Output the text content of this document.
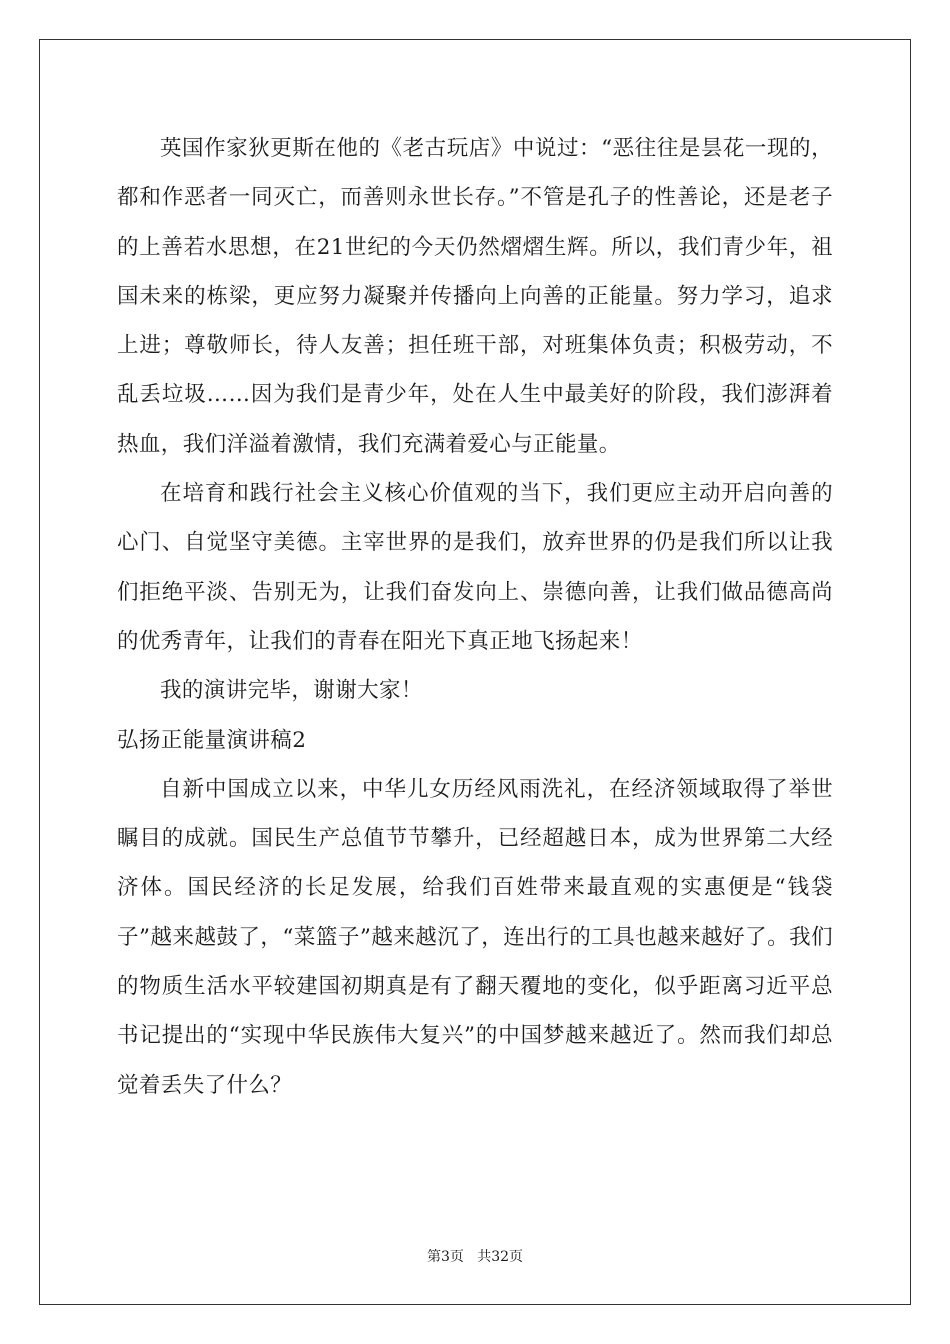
英国作家狄更斯在他的《老古玩店》中说过：“恶往往是昙花一现的，都和作恶者一同灭亡，而善则永世长存。”不管是孔子的性善论，还是老子的上善若水思想，在21世纪的今天仍然熠熠生辉。所以，我们青少年，祖国未来的栋梁，更应努力凝聚并传播向上向善的正能量。努力学习，追求上进；尊敬师长，待人友善；担任班干部，对班集体负责；积极劳动，不乱丢垃圾……因为我们是青少年，处在人生中最美好的阶段，我们澎湃着热血，我们洋溢着激情，我们充满着爱心与正能量。

在培育和践行社会主义核心价值观的当下，我们更应主动开启向善的心门、自觉坚守美德。主宰世界的是我们，放弃世界的仍是我们所以让我们拒绝平淡、告别无为，让我们奋发向上、崇德向善，让我们做品德高尚的优秀青年，让我们的青春在阳光下真正地飞扬起来！

我的演讲完毕，谢谢大家！

弘扬正能量演讲稿2

自新中国成立以来，中华儿女历经风雨洗礼，在经济领域取得了举世瞩目的成就。国民生产总值节节攀升，已经超越日本，成为世界第二大经济体。国民经济的长足发展，给我们百姓带来最直观的实惠便是“钱袋子”越来越鼓了，“菜篮子”越来越沉了，连出行的工具也越来越好了。我们的物质生活水平较建国初期真是有了翻天覆地的变化，似乎距离习近平总书记提出的“实现中华民族伟大复兴”的中国梦越来越近了。然而我们却总觉着丢失了什么？

第3页   共32页
